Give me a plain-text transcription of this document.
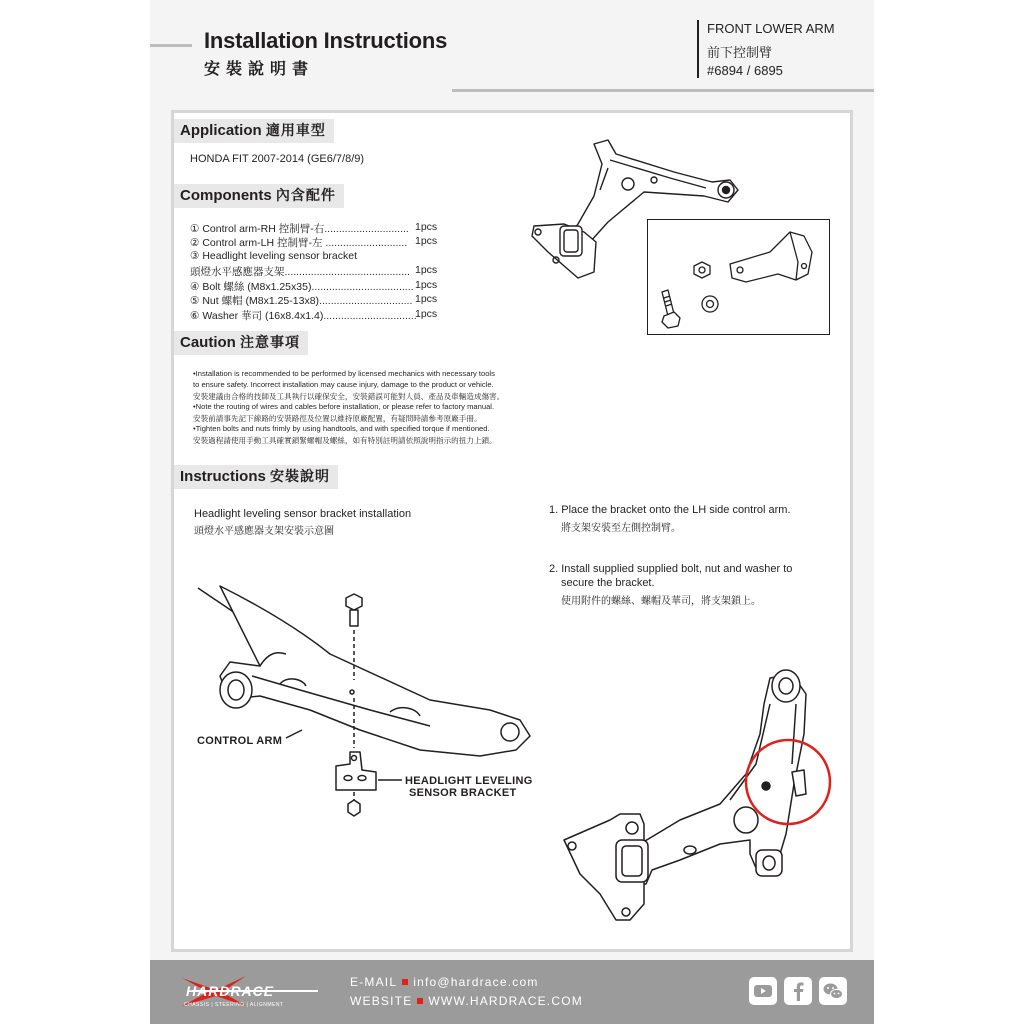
Installation Instructions
安裝說明書
FRONT LOWER ARM
前下控制臂
#6894 / 6895
Application 適用車型
HONDA FIT 2007-2014 (GE6/7/8/9)
Components 內含配件
① Control arm-RH 控制臂-右............................. 1pcs
② Control arm-LH 控制臂-左 ............................ 1pcs
③ Headlight leveling sensor bracket
頭燈水平感應器支架........................................... 1pcs
④ Bolt 螺絲 (M8x1.25x35)................................... 1pcs
⑤ Nut 螺帽 (M8x1.25-13x8)................................ 1pcs
⑥ Washer 華司 (16x8.4x1.4)................................
1pcs
Caution 注意事項
•Installation is recommended to be performed by licensed mechanics with necessary tools
to ensure safety. Incorrect installation may cause injury, damage to the product or vehicle.
安裝建議由合格的技師及工具執行以確保安全，安裝錯誤可能對人員、產品及車輛造成傷害。
•Note the routing of wires and cables before installation, or please refer to factory manual.
安裝前請事先記下線路的安裝路徑及位置以維持原廠配置，有疑問時請參考原廠手冊。
•Tighten bolts and nuts frimly by using handtools, and with specified torque if mentioned.
安裝過程請使用手動工具確實鎖緊螺帽及螺絲，如有特別註明請依照說明指示的扭力上鎖。
Instructions 安裝說明
Headlight leveling sensor bracket installation
頭燈水平感應器支架安裝示意圖
1. Place the bracket onto the LH side control arm.
將支架安裝至左側控制臂。
2. Install supplied supplied bolt, nut and washer to
secure the bracket.
使用附件的螺絲、螺帽及華司，將支架鎖上。
CONTROL ARM
HEADLIGHT LEVELING
SENSOR BRACKET
HARDRACE
CHASSIS | STEERING | ALIGNMENT
E-MAIL info@hardrace.com
WEBSITE WWW.HARDRACE.COM
